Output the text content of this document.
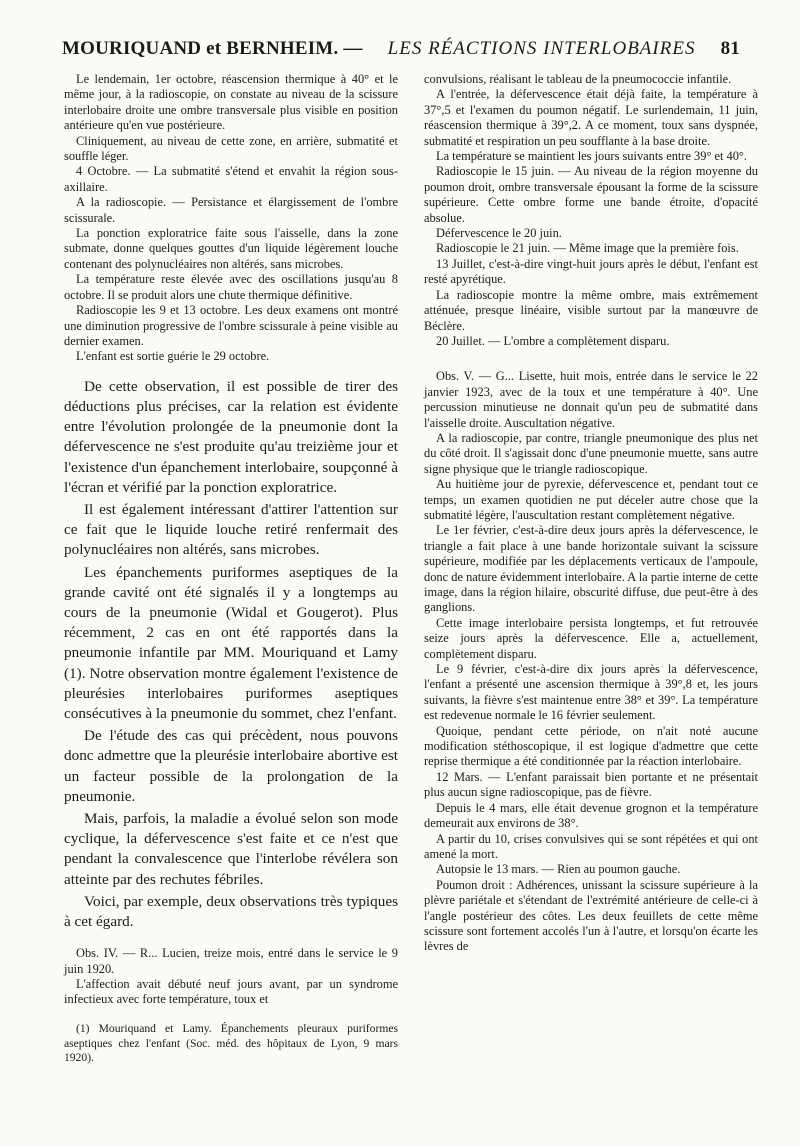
MOURIQUAND et BERNHEIM. — LES RÉACTIONS INTERLOBAIRES 81

Le lendemain, 1er octobre, réascension thermique à 40° et le même jour, à la radioscopie, on constate au niveau de la scissure interlobaire droite une ombre transversale plus visible en position antérieure qu'en vue postérieure.

Cliniquement, au niveau de cette zone, en arrière, submatité et souffle léger.

4 Octobre. — La submatité s'étend et envahit la région sous-axillaire.

A la radioscopie. — Persistance et élargissement de l'ombre scissurale.

La ponction exploratrice faite sous l'aisselle, dans la zone submate, donne quelques gouttes d'un liquide légèrement louche contenant des polynucléaires non altérés, sans microbes.

La température reste élevée avec des oscillations jusqu'au 8 octobre. Il se produit alors une chute thermique définitive.

Radioscopie les 9 et 13 octobre. Les deux examens ont montré une diminution progressive de l'ombre scissurale à peine visible au dernier examen.

L'enfant est sortie guérie le 29 octobre.

De cette observation, il est possible de tirer des déductions plus précises, car la relation est évidente entre l'évolution prolongée de la pneumonie dont la défervescence ne s'est produite qu'au treizième jour et l'existence d'un épanchement interlobaire, soupçonné à l'écran et vérifié par la ponction exploratrice.

Il est également intéressant d'attirer l'attention sur ce fait que le liquide louche retiré renfermait des polynucléaires non altérés, sans microbes.

Les épanchements puriformes aseptiques de la grande cavité ont été signalés il y a longtemps au cours de la pneumonie (Widal et Gougerot). Plus récemment, 2 cas en ont été rapportés dans la pneumonie infantile par MM. Mouriquand et Lamy (1). Notre observation montre également l'existence de pleurésies interlobaires puriformes aseptiques consécutives à la pneumonie du sommet, chez l'enfant.

De l'étude des cas qui précèdent, nous pouvons donc admettre que la pleurésie interlobaire abortive est un facteur possible de la prolongation de la pneumonie.

Mais, parfois, la maladie a évolué selon son mode cyclique, la défervescence s'est faite et ce n'est que pendant la convalescence que l'interlobe révélera son atteinte par des rechutes fébriles.

Voici, par exemple, deux observations très typiques à cet égard.

Obs. IV. — R... Lucien, treize mois, entré dans le service le 9 juin 1920.

L'affection avait débuté neuf jours avant, par un syndrome infectieux avec forte température, toux et

(1) Mouriquand et Lamy. Épanchements pleuraux puriformes aseptiques chez l'enfant (Soc. méd. des hôpitaux de Lyon, 9 mars 1920).

convulsions, réalisant le tableau de la pneumococcie infantile.

A l'entrée, la défervescence était déjà faite, la température à 37°,5 et l'examen du poumon négatif. Le surlendemain, 11 juin, réascension thermique à 39°,2. A ce moment, toux sans dyspnée, submatité et respiration un peu soufflante à la base droite.

La température se maintient les jours suivants entre 39° et 40°.

Radioscopie le 15 juin. — Au niveau de la région moyenne du poumon droit, ombre transversale épousant la forme de la scissure supérieure. Cette ombre forme une bande étroite, d'opacité absolue.

Défervescence le 20 juin.

Radioscopie le 21 juin. — Même image que la première fois.

13 Juillet, c'est-à-dire vingt-huit jours après le début, l'enfant est resté apyrétique.

La radioscopie montre la même ombre, mais extrêmement atténuée, presque linéaire, visible surtout par la manœuvre de Béclère.

20 Juillet. — L'ombre a complètement disparu.

Obs. V. — G... Lisette, huit mois, entrée dans le service le 22 janvier 1923, avec de la toux et une température à 40°. Une percussion minutieuse ne donnait qu'un peu de submatité dans l'aisselle droite. Auscultation négative.

A la radioscopie, par contre, triangle pneumonique des plus net du côté droit. Il s'agissait donc d'une pneumonie muette, sans autre signe physique que le triangle radioscopique.

Au huitième jour de pyrexie, défervescence et, pendant tout ce temps, un examen quotidien ne put déceler autre chose que la submatité légère, l'auscultation restant complètement négative.

Le 1er février, c'est-à-dire deux jours après la défervescence, le triangle a fait place à une bande horizontale suivant la scissure supérieure, modifiée par les déplacements verticaux de l'ampoule, donc de nature évidemment interlobaire. A la partie interne de cette image, dans la région hilaire, obscurité diffuse, due peut-être à des ganglions.

Cette image interlobaire persista longtemps, et fut retrouvée seize jours après la défervescence. Elle a, actuellement, complètement disparu.

Le 9 février, c'est-à-dire dix jours après la défervescence, l'enfant a présenté une ascension thermique à 39°,8 et, les jours suivants, la fièvre s'est maintenue entre 38° et 39°. La température est redevenue normale le 16 février seulement.

Quoique, pendant cette période, on n'ait noté aucune modification stéthoscopique, il est logique d'admettre que cette reprise thermique a été conditionnée par la réaction interlobaire.

12 Mars. — L'enfant paraissait bien portante et ne présentait plus aucun signe radioscopique, pas de fièvre.

Depuis le 4 mars, elle était devenue grognon et la température demeurait aux environs de 38°.

A partir du 10, crises convulsives qui se sont répétées et qui ont amené la mort.

Autopsie le 13 mars. — Rien au poumon gauche.

Poumon droit : Adhérences, unissant la scissure supérieure à la plèvre pariétale et s'étendant de l'extrémité antérieure de celle-ci à l'angle postérieur des côtes. Les deux feuillets de cette même scissure sont fortement accolés l'un à l'autre, et lorsqu'on écarte les lèvres de
